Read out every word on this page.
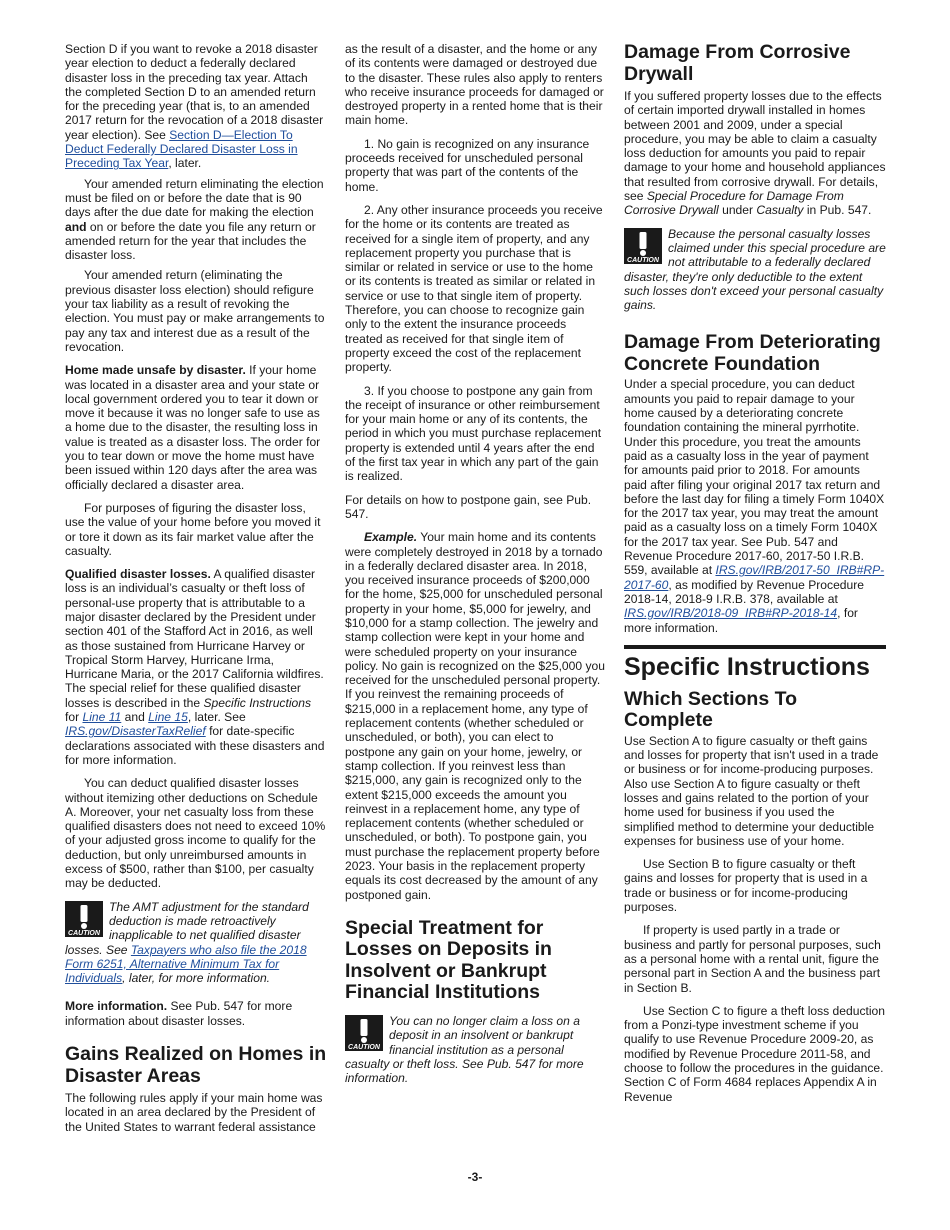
Section D if you want to revoke a 2018 disaster year election to deduct a federally declared disaster loss in the preceding tax year. Attach the completed Section D to an amended return for the preceding year (that is, to an amended 2017 return for the revocation of a 2018 disaster year election). See Section D—Election To Deduct Federally Declared Disaster Loss in Preceding Tax Year, later.

Your amended return eliminating the election must be filed on or before the date that is 90 days after the due date for making the election and on or before the date you file any return or amended return for the year that includes the disaster loss.

Your amended return (eliminating the previous disaster loss election) should refigure your tax liability as a result of revoking the election. You must pay or make arrangements to pay any tax and interest due as a result of the revocation.

Home made unsafe by disaster. If your home was located in a disaster area and your state or local government ordered you to tear it down or move it because it was no longer safe to use as a home due to the disaster, the resulting loss in value is treated as a disaster loss. The order for you to tear down or move the home must have been issued within 120 days after the area was officially declared a disaster area.

For purposes of figuring the disaster loss, use the value of your home before you moved it or tore it down as its fair market value after the casualty.

Qualified disaster losses. A qualified disaster loss is an individual’s casualty or theft loss of personal-use property that is attributable to a major disaster declared by the President under section 401 of the Stafford Act in 2016, as well as those sustained from Hurricane Harvey or Tropical Storm Harvey, Hurricane Irma, Hurricane Maria, or the 2017 California wildfires. The special relief for these qualified disaster losses is described in the Specific Instructions for Line 11 and Line 15, later. See IRS.gov/DisasterTaxRelief for date-specific declarations associated with these disasters and for more information.

You can deduct qualified disaster losses without itemizing other deductions on Schedule A. Moreover, your net casualty loss from these qualified disasters does not need to exceed 10% of your adjusted gross income to qualify for the deduction, but only unreimbursed amounts in excess of $500, rather than $100, per casualty may be deducted.

CAUTION
The AMT adjustment for the standard deduction is made retroactively inapplicable to net qualified disaster losses. See Taxpayers who also file the 2018 Form 6251, Alternative Minimum Tax for Individuals, later, for more information.

More information. See Pub. 547 for more information about disaster losses.

Gains Realized on Homes in Disaster Areas

The following rules apply if your main home was located in an area declared by the President of the United States to warrant federal assistance

as the result of a disaster, and the home or any of its contents were damaged or destroyed due to the disaster. These rules also apply to renters who receive insurance proceeds for damaged or destroyed property in a rented home that is their main home.

1. No gain is recognized on any insurance proceeds received for unscheduled personal property that was part of the contents of the home.

2. Any other insurance proceeds you receive for the home or its contents are treated as received for a single item of property, and any replacement property you purchase that is similar or related in service or use to the home or its contents is treated as similar or related in service or use to that single item of property. Therefore, you can choose to recognize gain only to the extent the insurance proceeds treated as received for that single item of property exceed the cost of the replacement property.

3. If you choose to postpone any gain from the receipt of insurance or other reimbursement for your main home or any of its contents, the period in which you must purchase replacement property is extended until 4 years after the end of the first tax year in which any part of the gain is realized.

For details on how to postpone gain, see Pub. 547.

Example. Your main home and its contents were completely destroyed in 2018 by a tornado in a federally declared disaster area. In 2018, you received insurance proceeds of $200,000 for the home, $25,000 for unscheduled personal property in your home, $5,000 for jewelry, and $10,000 for a stamp collection. The jewelry and stamp collection were kept in your home and were scheduled property on your insurance policy. No gain is recognized on the $25,000 you received for the unscheduled personal property. If you reinvest the remaining proceeds of $215,000 in a replacement home, any type of replacement contents (whether scheduled or unscheduled, or both), you can elect to postpone any gain on your home, jewelry, or stamp collection. If you reinvest less than $215,000, any gain is recognized only to the extent $215,000 exceeds the amount you reinvest in a replacement home, any type of replacement contents (whether scheduled or unscheduled, or both). To postpone gain, you must purchase the replacement property before 2023. Your basis in the replacement property equals its cost decreased by the amount of any postponed gain.

Special Treatment for Losses on Deposits in Insolvent or Bankrupt Financial Institutions
CAUTION
You can no longer claim a loss on a deposit in an insolvent or bankrupt financial institution as a personal casualty or theft loss. See Pub. 547 for more information.
Damage From Corrosive Drywall

If you suffered property losses due to the effects of certain imported drywall installed in homes between 2001 and 2009, under a special procedure, you may be able to claim a casualty loss deduction for amounts you paid to repair damage to your home and household appliances that resulted from corrosive drywall. For details, see Special Procedure for Damage From Corrosive Drywall under Casualty in Pub. 547.

CAUTION
Because the personal casualty losses claimed under this special procedure are not attributable to a federally declared disaster, they're only deductible to the extent such losses don't exceed your personal casualty gains.
Damage From Deteriorating Concrete Foundation

Under a special procedure, you can deduct amounts you paid to repair damage to your home caused by a deteriorating concrete foundation containing the mineral pyrrhotite. Under this procedure, you treat the amounts paid as a casualty loss in the year of payment for amounts paid prior to 2018. For amounts paid after filing your original 2017 tax return and before the last day for filing a timely Form 1040X for the 2017 tax year, you may treat the amount paid as a casualty loss on a timely Form 1040X for the 2017 tax year. See Pub. 547 and Revenue Procedure 2017-60, 2017-50 I.R.B. 559, available at IRS.gov/IRB/2017-50_IRB#RP-2017-60, as modified by Revenue Procedure 2018-14, 2018-9 I.R.B. 378, available at IRS.gov/IRB/2018-09_IRB#RP-2018-14, for more information.

Specific Instructions
Which Sections To Complete

Use Section A to figure casualty or theft gains and losses for property that isn't used in a trade or business or for income-producing purposes. Also use Section A to figure casualty or theft losses and gains related to the portion of your home used for business if you used the simplified method to determine your deductible expenses for business use of your home.

Use Section B to figure casualty or theft gains and losses for property that is used in a trade or business or for income-producing purposes.

If property is used partly in a trade or business and partly for personal purposes, such as a personal home with a rental unit, figure the personal part in Section A and the business part in Section B.

Use Section C to figure a theft loss deduction from a Ponzi-type investment scheme if you qualify to use Revenue Procedure 2009-20, as modified by Revenue Procedure 2011-58, and choose to follow the procedures in the guidance. Section C of Form 4684 replaces Appendix A in Revenue

-3-
